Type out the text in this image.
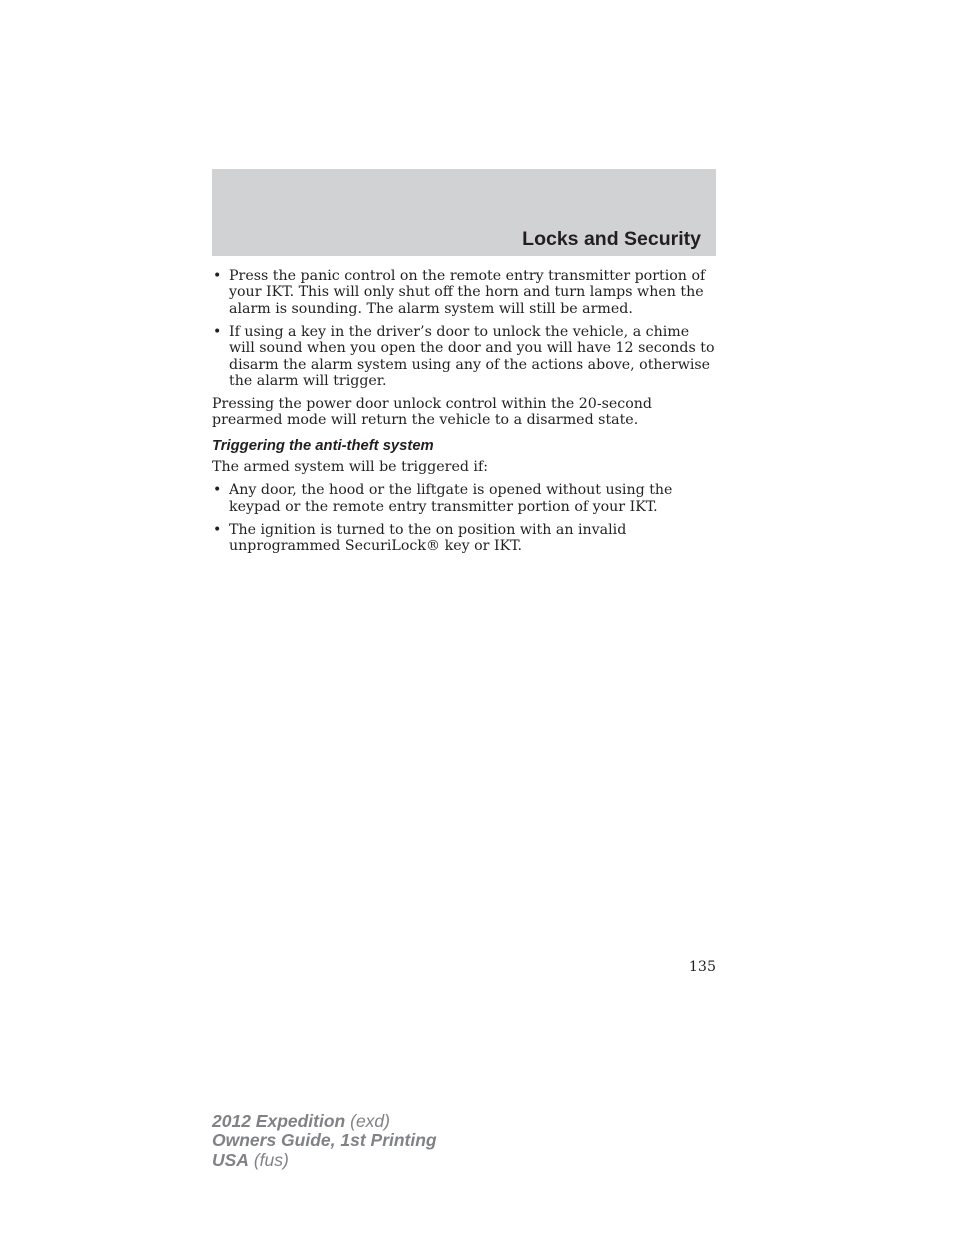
Locks and Security
• Press the panic control on the remote entry transmitter portion of your IKT. This will only shut off the horn and turn lamps when the alarm is sounding. The alarm system will still be armed.
• If using a key in the driver’s door to unlock the vehicle, a chime will sound when you open the door and you will have 12 seconds to disarm the alarm system using any of the actions above, otherwise the alarm will trigger.

Pressing the power door unlock control within the 20-second prearmed mode will return the vehicle to a disarmed state.

Triggering the anti-theft system

The armed system will be triggered if:

• Any door, the hood or the liftgate is opened without using the keypad or the remote entry transmitter portion of your IKT.
• The ignition is turned to the on position with an invalid unprogrammed SecuriLock® key or IKT.
135
2012 Expedition (exd)
Owners Guide, 1st Printing
USA (fus)
